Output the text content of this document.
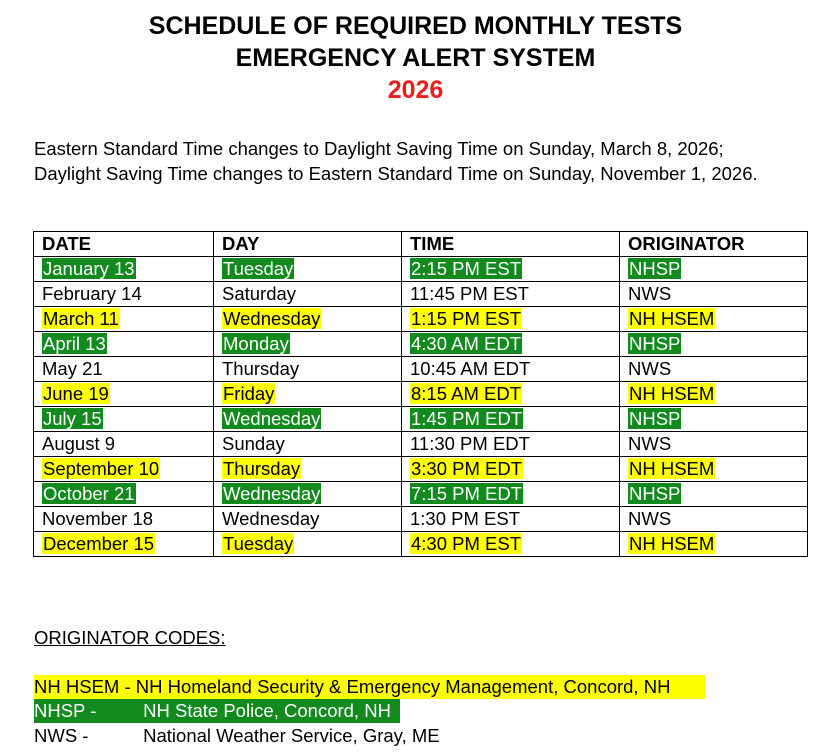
SCHEDULE OF REQUIRED MONTHLY TESTS
EMERGENCY ALERT SYSTEM
2026
Eastern Standard Time changes to Daylight Saving Time on Sunday, March 8, 2026;
Daylight Saving Time changes to Eastern Standard Time on Sunday, November 1, 2026.
DATE	DAY	TIME	ORIGINATOR
January 13	Tuesday	2:15 PM EST	NHSP
February 14	Saturday	11:45 PM EST	NWS
March 11	Wednesday	1:15 PM EST	NH HSEM
April 13	Monday	4:30 AM EDT	NHSP
May 21	Thursday	10:45 AM EDT	NWS
June 19	Friday	8:15 AM EDT	NH HSEM
July 15	Wednesday	1:45 PM EDT	NHSP
August 9	Sunday	11:30 PM EDT	NWS
September 10	Thursday	3:30 PM EDT	NH HSEM
October 21	Wednesday	7:15 PM EDT	NHSP
November 18	Wednesday	1:30 PM EST	NWS
December 15	Tuesday	4:30 PM EST	NH HSEM
ORIGINATOR CODES:
NH HSEM - NH Homeland Security & Emergency Management, Concord, NH
NHSP -	NH State Police, Concord, NH
NWS -	National Weather Service, Gray, ME
